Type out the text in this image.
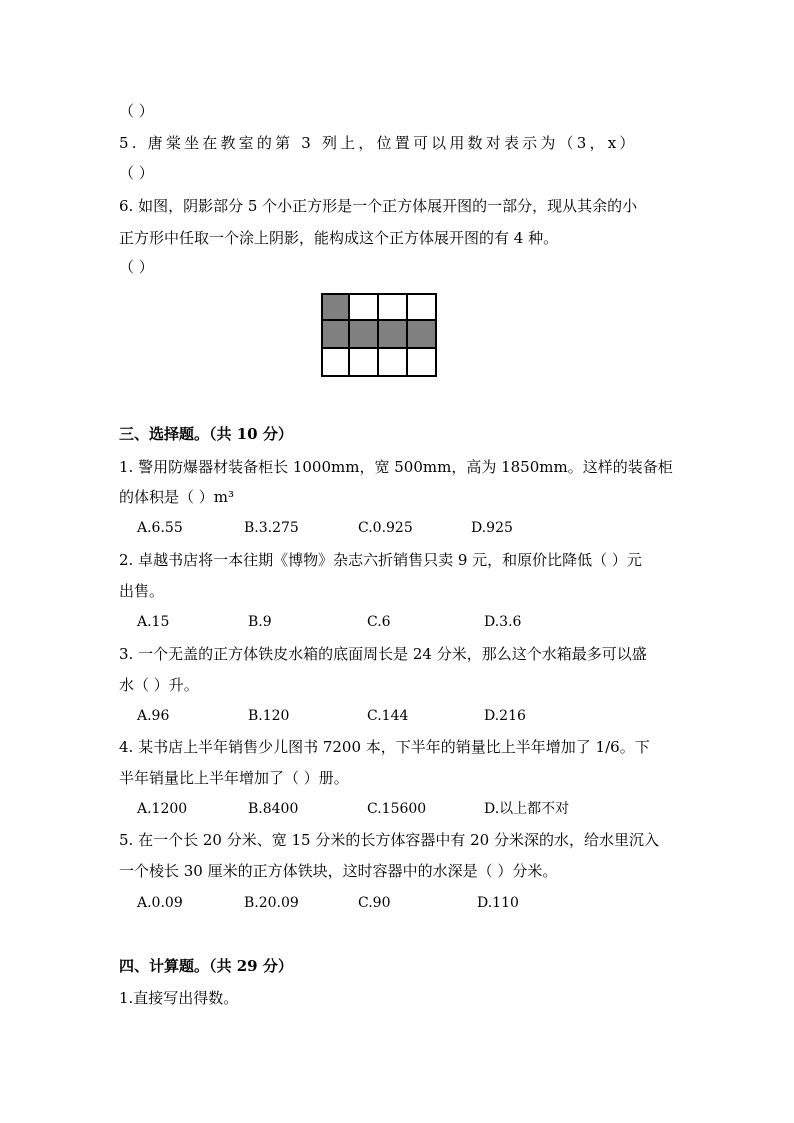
（ ）
5. 唐棠坐在教室的第 3 列上，位置可以用数对表示为（3，x）
（ ）
6. 如图，阴影部分 5 个小正方形是一个正方体展开图的一部分，现从其余的小
正方形中任取一个涂上阴影，能构成这个正方体展开图的有 4 种。
（ ）
三、选择题。（共 10 分）
1. 警用防爆器材装备柜长 1000mm，宽 500mm，高为 1850mm。这样的装备柜
的体积是（ ）m³
A.6.55	B.3.275	C.0.925	D.925
2. 卓越书店将一本往期《博物》杂志六折销售只卖 9 元，和原价比降低（ ）元
出售。
A.15	B.9	C.6	D.3.6
3. 一个无盖的正方体铁皮水箱的底面周长是 24 分米，那么这个水箱最多可以盛
水（ ）升。
A.96	B.120	C.144	D.216
4. 某书店上半年销售少儿图书 7200 本，下半年的销量比上半年增加了 1/6。下
半年销量比上半年增加了（ ）册。
A.1200	B.8400	C.15600	D.以上都不对
5. 在一个长 20 分米、宽 15 分米的长方体容器中有 20 分米深的水，给水里沉入
一个棱长 30 厘米的正方体铁块，这时容器中的水深是（ ）分米。
A.0.09	B.20.09	C.90	D.110
四、计算题。（共 29 分）
1.直接写出得数。
